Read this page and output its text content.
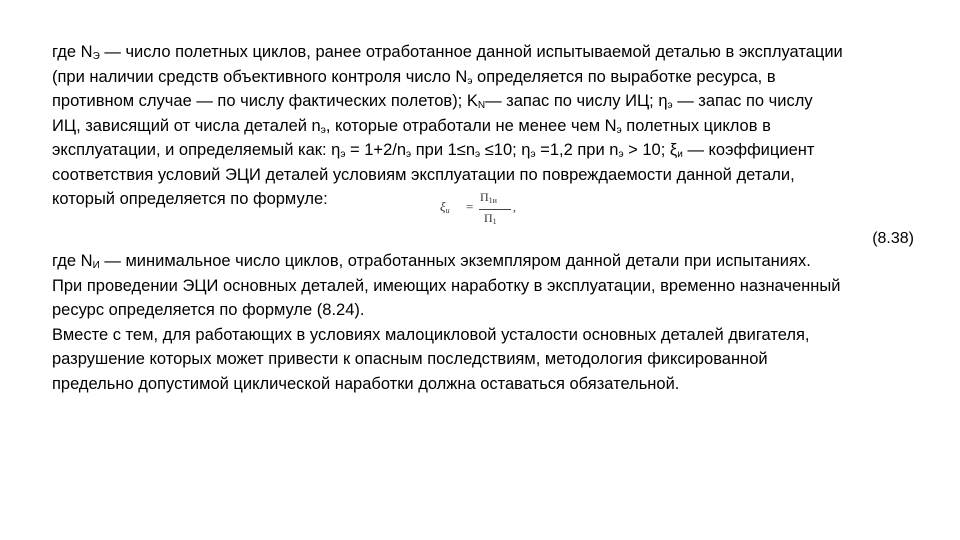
где $N_Э$ — число полетных циклов, ранее отработанное данной испытываемой деталью в эксплуатации
(при наличии средств объективного контроля число $N_э$ определяется по выработке ресурса, в
противном случае — по числу фактических полетов); $K_N—$ запас по числу ИЦ; $\eta_э$ — запас по числу
ИЦ, зависящий от числа деталей $n_э$, которые отработали не менее чем $N_э$ полетных циклов в
эксплуатации, и определяемый как: $\eta_э = 1+2/n_э$ при $1\le n_э \le 10$; $\eta_э =1,2$ при $n_э > 10$; $\xi_и$ — коэффициент
соответствия условий ЭЦИ деталей условиям эксплуатации по повреждаемости данной детали,
который определяется по формуле:	$\xi_и$ =
$\Pi_{1и}$
$\Pi_1$
,
(8.38)
где $N_И$ — минимальное число циклов, отработанных экземпляром данной детали при испытаниях.
При проведении ЭЦИ основных деталей, имеющих наработку в эксплуатации, временно назначенный
ресурс определяется по формуле (8.24).
Вместе с тем, для работающих в условиях малоцикловой усталости основных деталей двигателя,
разрушение которых может привести к опасным последствиям, методология фиксированной
предельно допустимой циклической наработки должна оставаться обязательной.
